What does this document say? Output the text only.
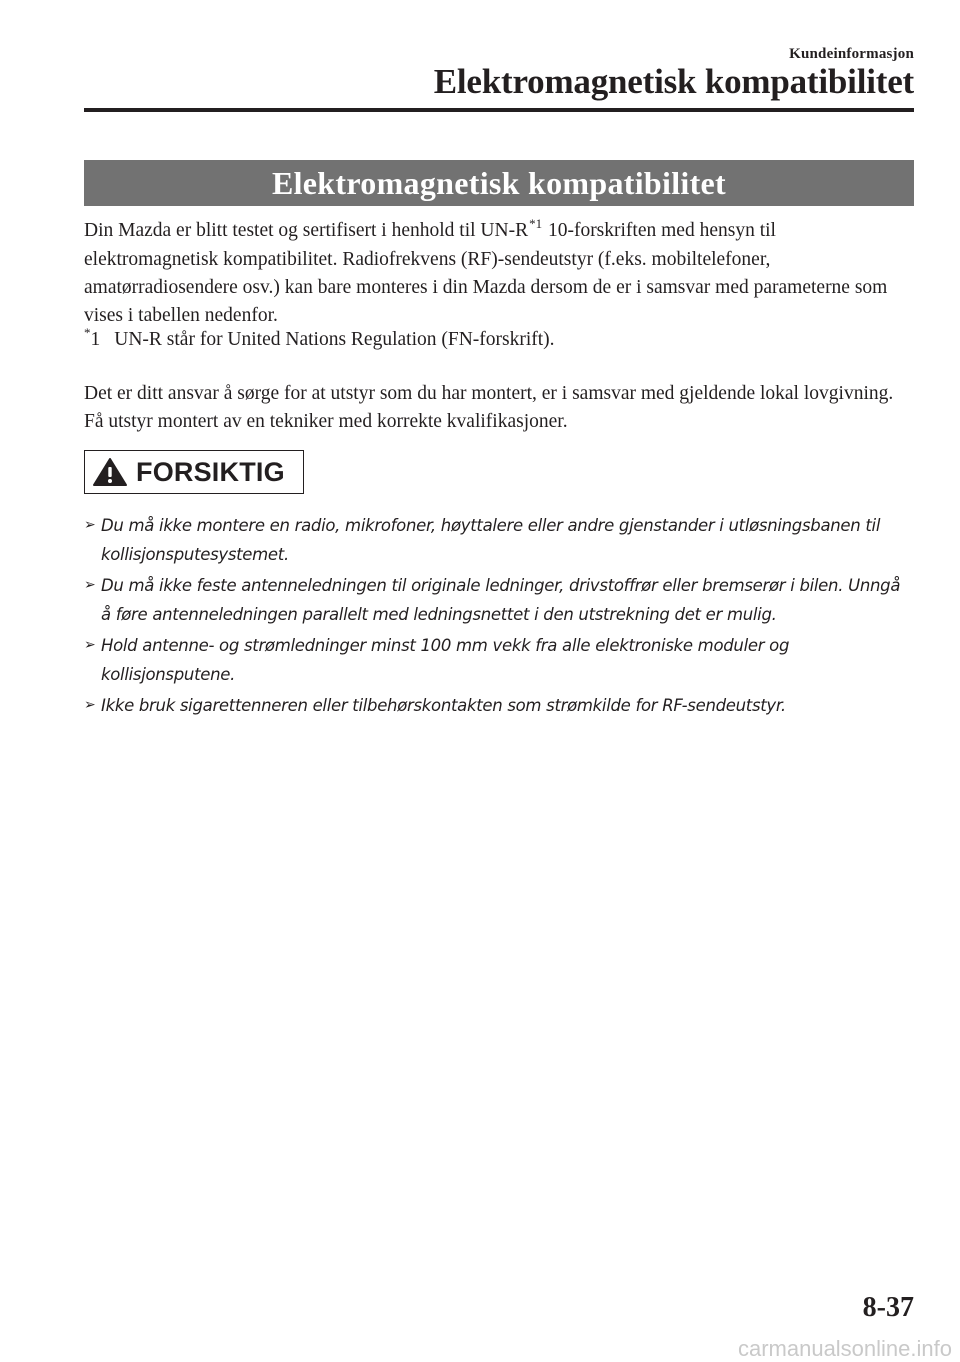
Kundeinformasjon
Elektromagnetisk kompatibilitet
Elektromagnetisk kompatibilitet
Din Mazda er blitt testet og sertifisert i henhold til $UN-R^{*1}$ 10-forskriften med hensyn til elektromagnetisk kompatibilitet. Radiofrekvens (RF)-sendeutstyr (f.eks. mobiltelefoner, amatørradiosendere osv.) kan bare monteres i din Mazda dersom de er i samsvar med parameterne som vises i tabellen nedenfor.
*1 UN-R står for United Nations Regulation (FN-forskrift).
Det er ditt ansvar å sørge for at utstyr som du har montert, er i samsvar med gjeldende lokal lovgivning. Få utstyr montert av en tekniker med korrekte kvalifikasjoner.
FORSIKTIG
➢ Du må ikke montere en radio, mikrofoner, høyttalere eller andre gjenstander i utløsningsbanen til kollisjonsputesystemet.
➢ Du må ikke feste antenneledningen til originale ledninger, drivstoffrør eller bremserør i bilen. Unngå å føre antenneledningen parallelt med ledningsnettet i den utstrekning det er mulig.
➢ Hold antenne- og strømledninger minst 100 mm vekk fra alle elektroniske moduler og kollisjonsputene.
➢ Ikke bruk sigarettenneren eller tilbehørskontakten som strømkilde for RF-sendeutstyr.
8-37
carmanualsonline.info
